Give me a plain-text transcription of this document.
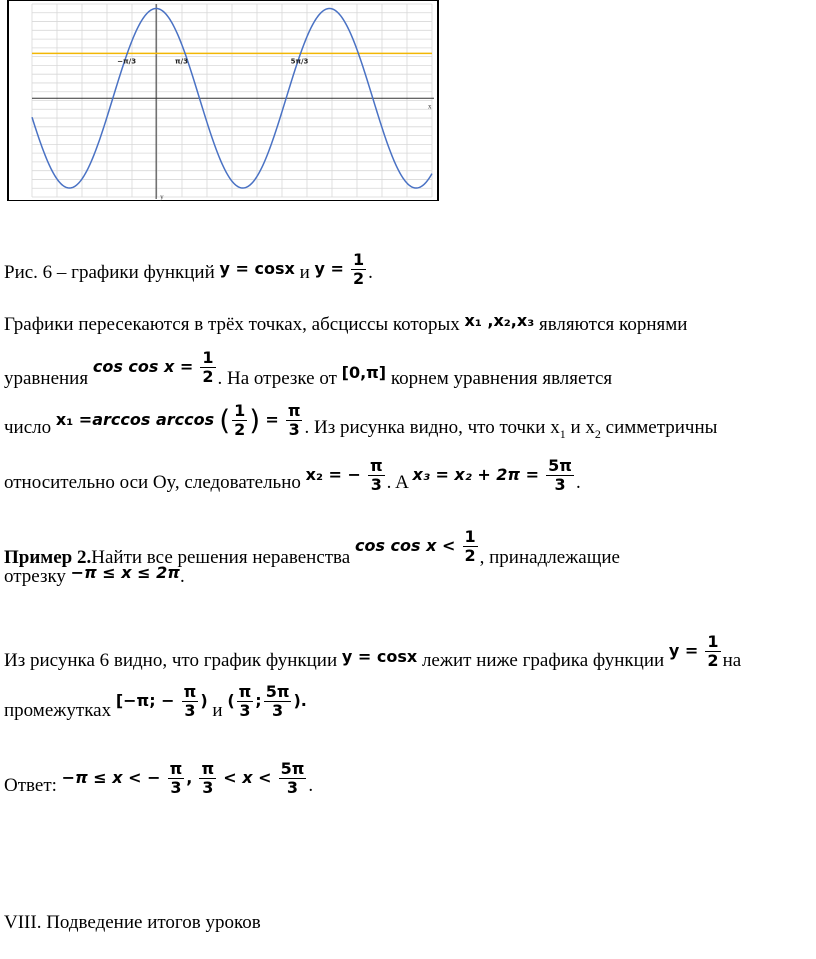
x
y
−π/3	π/3	5π/3
Рис. 6 – графики функций $^{y = cosx}$ и $^{y = \frac{1}{2}}$ .
Графики пересекаются в трёх точках, абсциссы которых $^{x_1 ,x_2,x_3}$ являются корнями
уравнения $^{cos cos x = \frac{1}{2}}$ . На отрезке от [0,π] корнем уравнения является
число $^{x_1 =arccos arccos ( \frac{1}{2} ) = \frac{\pi}{3}}$ . Из рисунка видно, что точки $x_1$ и $x_2$ симметричны
относительно оси Oy, следовательно $^{x_2 = - \frac{\pi}{3}}$ . A $^{x_3 = x_2 + 2\pi = \frac{5\pi}{3}}$ .
Пример 2.Найти все решения неравенства $^{cos cos x < \frac{1}{2}}$ , принадлежащие
отрезку $^{-\pi \le x \le 2\pi}$.
Из рисунка 6 видно, что график функции $^{y = cosx}$ лежит ниже графика функции $^{y = \frac{1}{2}}$ на
промежутках $^{[-\pi; - \frac{\pi}{3} )}$ и $^{( \frac{\pi}{3} ; \frac{5\pi}{3} ).}$
Ответ: $^{-\pi \le x < - \frac{\pi}{3} , \frac{\pi}{3} < x < \frac{5\pi}{3}}$ .
VIII. Подведение итогов уроков
